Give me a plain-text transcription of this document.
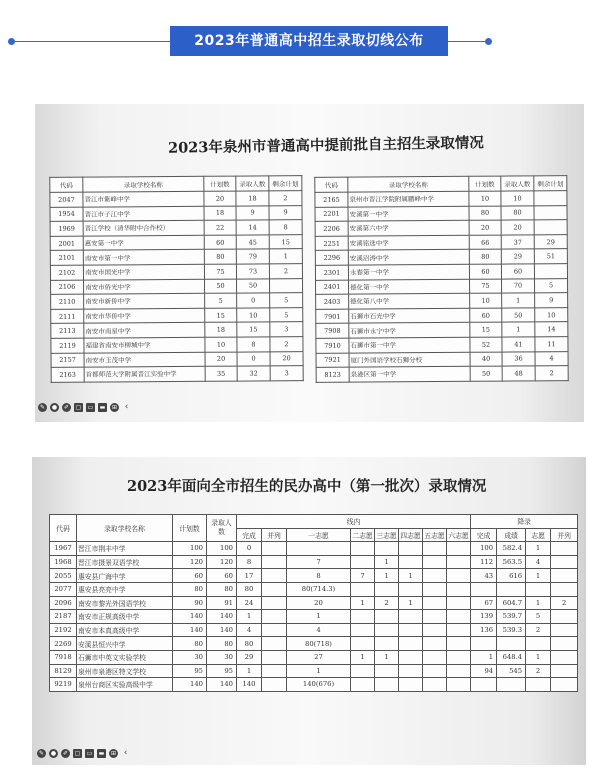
2023年普通高中招生录取切线公布
2023年泉州市普通高中提前批自主招生录取情况
代码	录取学校名称	计划数	录取人数	剩余计划
2047	晋江市紫峰中学	20	18	2
1954	晋江市子江中学	18	9	9
1969	晋江学校（清华附中合作校）	22	14	8
2001	惠安第一中学	60	45	15
2101	南安市第一中学	80	79	1
2102	南安市国光中学	75	73	2
2106	南安市侨光中学	50	50	
2110	南安市新侨中学	5	0	5
2111	南安市华侨中学	15	10	5
2113	南安市南星中学	18	15	3
2119	福建省南安市柳城中学	10	8	2
2157	南安市玉茂中学	20	0	20
2163	首都师范大学附属晋江实验中学	35	32	3
代码	录取学校名称	计划数	录取人数	剩余计划
2165	泉州市晋江学院附属鹏峰中学	10	10	
2201	安溪第一中学	80	80	
2206	安溪第六中学	20	20	
2251	安溪铭选中学	66	37	29
2296	安溪沼涛中学	80	29	51
2301	永春第一中学	60	60	
2401	德化第一中学	75	70	5
2403	德化第八中学	10	1	9
7901	石狮市石光中学	60	50	10
7908	石狮市永宁中学	15	1	14
7910	石狮市第一中学	52	41	11
7921	厦门外国语学校石狮分校	40	36	4
8123	泉港区第一中学	50	48	2
✎	●	✐	▢ ▭ ▬	⊞ ‹
2023年面向全市招生的民办高中（第一批次）录取情况
代码	录取学校名称	计划数	录取人数	线内								降录			
				完成	并列	一志愿	二志愿	三志愿	四志愿	五志愿	六志愿	完成	成绩	志愿	并列
1967	晋江市荆丰中学	100	100	0								100	582.4	1	
1968	晋江市摄景双语学校	120	120	8		7		1				112	563.5	4	
2055	惠安县广海中学	60	60	17		8	7	1	1			43	616	1	
2077	惠安县亮亮中学	80	80	80		80(714.3)									
2096	南安市黎光外国语学校	90	91	24		20	1	2	1			67	604.7	1	2
2187	南安市正规高级中学	140	140	1		1						139	539.7	5	
2192	南安市本真高级中学	140	140	4		4						136	539.3	2	
2269	安溪县恒兴中学	80	80	80		80(718)									
7918	石狮市中英文实验学校	30	30	29		27	1	1				1	648.4	1	
8129	泉州市泉港区特文学校	95	95	1		1						94	545	2	
9219	泉州台商区实验高级中学	140	140	140		140(676)									
✎	●	✐	▢ ▭ ▬	⊞ ‹
